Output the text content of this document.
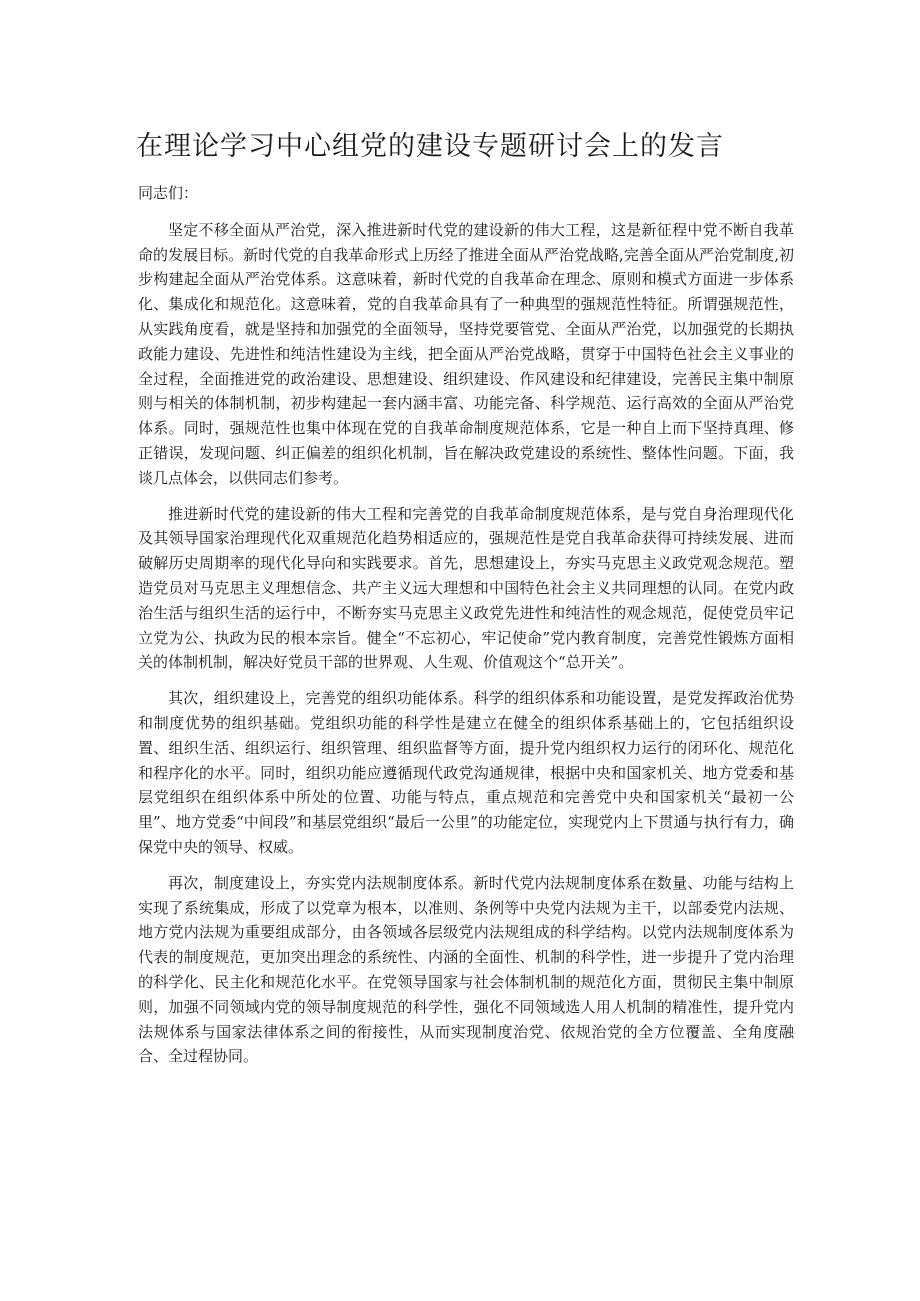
在理论学习中心组党的建设专题研讨会上的发言

同志们：

坚定不移全面从严治党，深入推进新时代党的建设新的伟大工程，这是新征程中党不断自我革命的发展目标。新时代党的自我革命形式上历经了推进全面从严治党战略,完善全面从严治党制度,初步构建起全面从严治党体系。这意味着，新时代党的自我革命在理念、原则和模式方面进一步体系化、集成化和规范化。这意味着，党的自我革命具有了一种典型的强规范性特征。所谓强规范性，从实践角度看，就是坚持和加强党的全面领导，坚持党要管党、全面从严治党，以加强党的长期执政能力建设、先进性和纯洁性建设为主线，把全面从严治党战略，贯穿于中国特色社会主义事业的全过程，全面推进党的政治建设、思想建设、组织建设、作风建设和纪律建设，完善民主集中制原则与相关的体制机制，初步构建起一套内涵丰富、功能完备、科学规范、运行高效的全面从严治党体系。同时，强规范性也集中体现在党的自我革命制度规范体系，它是一种自上而下坚持真理、修正错误，发现问题、纠正偏差的组织化机制，旨在解决政党建设的系统性、整体性问题。下面，我谈几点体会，以供同志们参考。

推进新时代党的建设新的伟大工程和完善党的自我革命制度规范体系，是与党自身治理现代化及其领导国家治理现代化双重规范化趋势相适应的，强规范性是党自我革命获得可持续发展、进而破解历史周期率的现代化导向和实践要求。首先，思想建设上，夯实马克思主义政党观念规范。塑造党员对马克思主义理想信念、共产主义远大理想和中国特色社会主义共同理想的认同。在党内政治生活与组织生活的运行中，不断夯实马克思主义政党先进性和纯洁性的观念规范，促使党员牢记立党为公、执政为民的根本宗旨。健全“不忘初心，牢记使命”党内教育制度，完善党性锻炼方面相关的体制机制，解决好党员干部的世界观、人生观、价值观这个“总开关”。

其次，组织建设上，完善党的组织功能体系。科学的组织体系和功能设置，是党发挥政治优势和制度优势的组织基础。党组织功能的科学性是建立在健全的组织体系基础上的，它包括组织设置、组织生活、组织运行、组织管理、组织监督等方面，提升党内组织权力运行的闭环化、规范化和程序化的水平。同时，组织功能应遵循现代政党沟通规律，根据中央和国家机关、地方党委和基层党组织在组织体系中所处的位置、功能与特点，重点规范和完善党中央和国家机关“最初一公里”、地方党委“中间段”和基层党组织“最后一公里”的功能定位，实现党内上下贯通与执行有力，确保党中央的领导、权威。

再次，制度建设上，夯实党内法规制度体系。新时代党内法规制度体系在数量、功能与结构上实现了系统集成，形成了以党章为根本，以准则、条例等中央党内法规为主干，以部委党内法规、地方党内法规为重要组成部分，由各领域各层级党内法规组成的科学结构。以党内法规制度体系为代表的制度规范，更加突出理念的系统性、内涵的全面性、机制的科学性，进一步提升了党内治理的科学化、民主化和规范化水平。在党领导国家与社会体制机制的规范化方面，贯彻民主集中制原则，加强不同领域内党的领导制度规范的科学性，强化不同领域选人用人机制的精准性，提升党内法规体系与国家法律体系之间的衔接性，从而实现制度治党、依规治党的全方位覆盖、全角度融合、全过程协同。
